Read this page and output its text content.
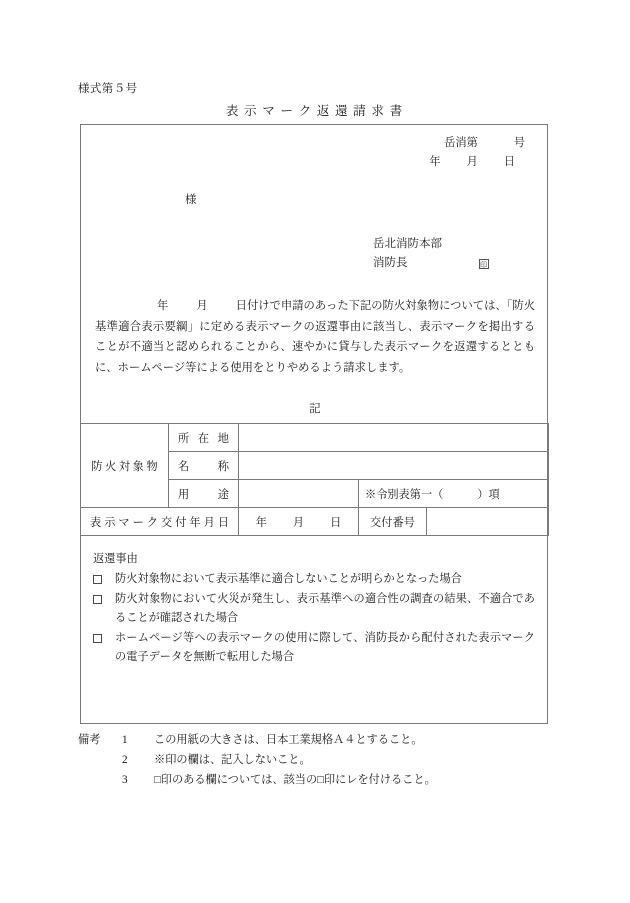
様式第５号
表示マーク返還請求書
岳消第	号
年 月 日
様
岳北消防本部
消防長	印
年 月 日付けで申請のあった下記の防火対象物については、「防火基準適合表示要綱」に定める表示マークの返還事由に該当し、表示マークを掲出することが不適当と認められることから、速やかに貸与した表示マークを返還するとともに、ホームページ等による使用をとりやめるよう請求します。
記
防火対象物	所在地			
	名称			
	用途		※令別表第一（ ）項	
表示マーク交付年月日		年 月 日	交付番号	
返還事由
防火対象物において表示基準に適合しないことが明らかとなった場合
防火対象物において火災が発生し、表示基準への適合性の調査の結果、不適合であることが確認された場合
ホームページ等への表示マークの使用に際して、消防長から配付された表示マークの電子データを無断で転用した場合
備考	1	この用紙の大きさは、日本工業規格Ａ４とすること。
2	※印の欄は、記入しないこと。
3	□印のある欄については、該当の□印にレを付けること。
